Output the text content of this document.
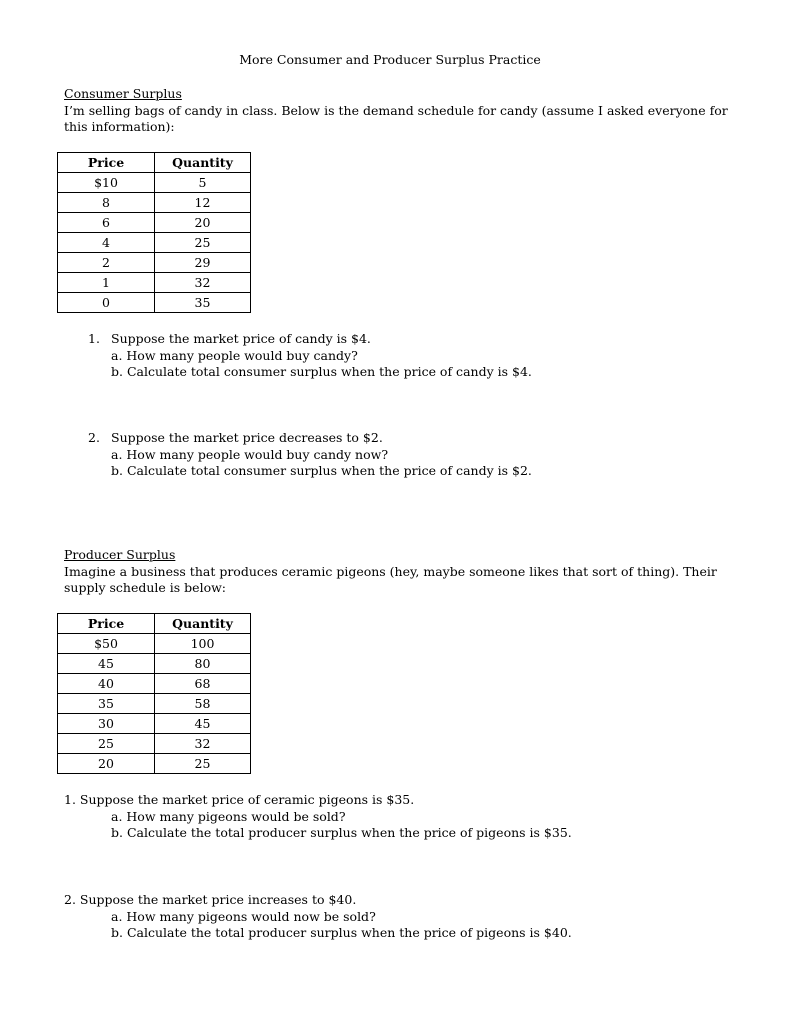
More Consumer and Producer Surplus Practice
Consumer Surplus
I’m selling bags of candy in class. Below is the demand schedule for candy (assume I asked everyone for
this information):
Price	Quantity
$10	5
8	12
6	20
4	25
2	29
1	32
0	35
1. Suppose the market price of candy is $4.
a. How many people would buy candy?
b. Calculate total consumer surplus when the price of candy is $4.
2. Suppose the market price decreases to $2.
a. How many people would buy candy now?
b. Calculate total consumer surplus when the price of candy is $2.
Producer Surplus
Imagine a business that produces ceramic pigeons (hey, maybe someone likes that sort of thing). Their
supply schedule is below:
Price	Quantity
$50	100
45	80
40	68
35	58
30	45
25	32
20	25
1. Suppose the market price of ceramic pigeons is $35.
a. How many pigeons would be sold?
b. Calculate the total producer surplus when the price of pigeons is $35.
2. Suppose the market price increases to $40.
a. How many pigeons would now be sold?
b. Calculate the total producer surplus when the price of pigeons is $40.
